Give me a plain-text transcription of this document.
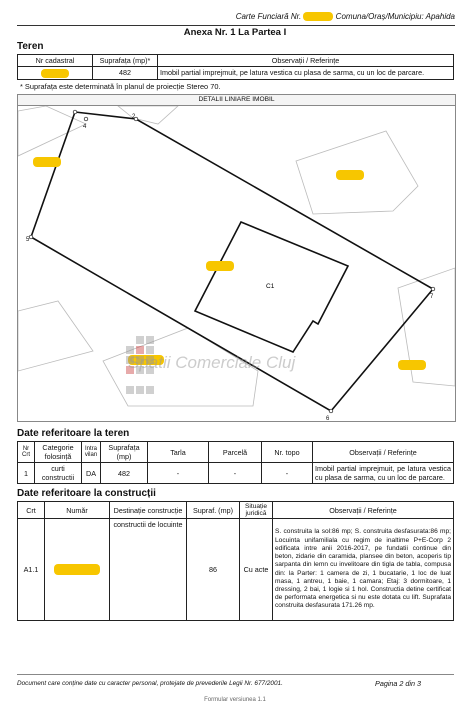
Carte Funciară Nr.	Comuna/Oraș/Municipiu: Apahida
Anexa Nr. 1 La Partea I
Teren
Nr cadastral	Suprafața (mp)*	Observații / Referințe
	482	Imobil partial imprejmuit, pe latura vestica cu plasa de sarma, cu un loc de parcare.
* Suprafața este determinată în planul de proiecție Stereo 70.
DETALII LINIARE IMOBIL
C1
2
4
5
7
6
Spatii Comerciale Cluj
Date referitoare la teren
Nr Crt	Categorie folosință	Intra vilan	Suprafața (mp)	Tarla	Parcelă	Nr. topo	Observații / Referințe
1	curti constructii	DA	482	-	-	-	Imobil partial imprejmuit, pe latura vestica cu plasa de sarma, cu un loc de parcare.
Date referitoare la construcții
Crt	Număr	Destinație construcție	Supraf. (mp)	Situație juridică	Observații / Referințe
A1.1		constructii de locuinte	86	Cu acte	S. construita la sol:86 mp; S. construita desfasurata:86 mp; Locuinta unifamiliala cu regim de inaltime P+E-Corp 2 edificata intre anii 2016-2017, pe fundatii continue din beton, zidarie din caramida, plansee din beton, acoperis tip sarpanta din lemn cu invelitoare din tigla de tabla, compusa din: la Parter: 1 camera de zi, 1 bucatarie, 1 loc de luat masa, 1 antreu, 1 baie, 1 camara; Etaj: 3 dormitoare, 1 dressing, 2 bai, 1 logie si 1 hol. Constructia detine certificat de performata energetica si nu este dotata cu lift. Suprafata construita desfasurata 171.26 mp.
Document care conține date cu caracter personal, protejate de prevederile Legii Nr. 677/2001.	Pagina 2 din 3
Formular versiunea 1.1
